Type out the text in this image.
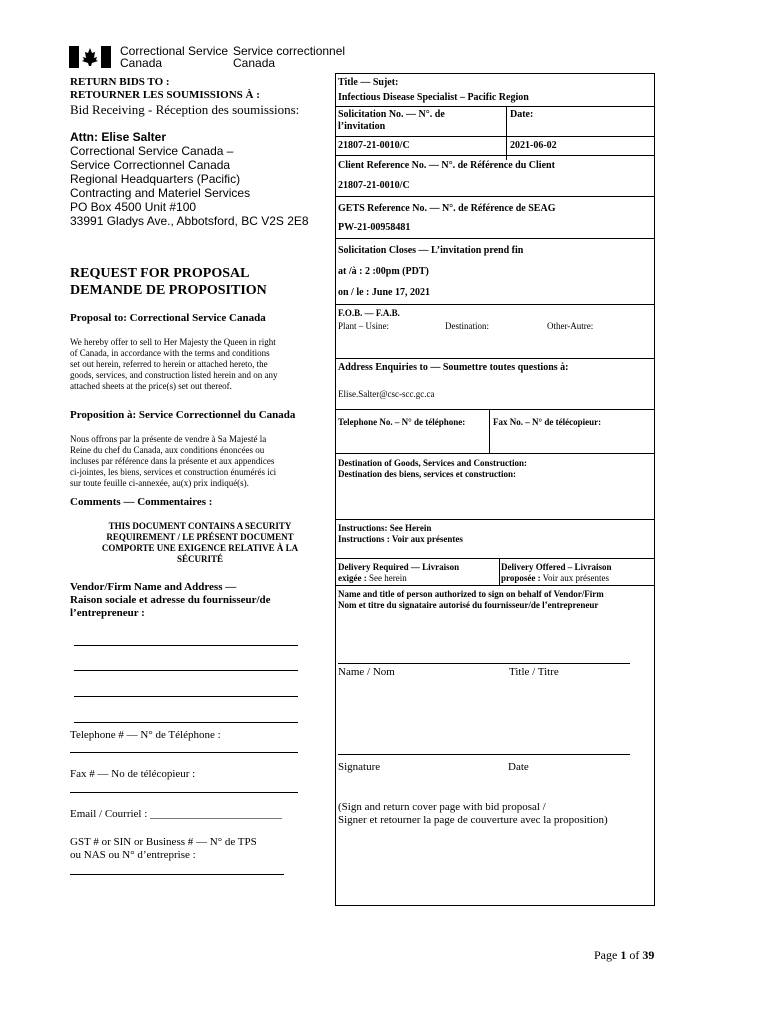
Correctional Service
Canada
Service correctionnel
Canada
RETURN BIDS TO :
RETOURNER LES SOUMISSIONS À :
Bid Receiving - Réception des soumissions:
Attn: Elise Salter
Correctional Service Canada –
Service Correctionnel Canada
Regional Headquarters (Pacific)
Contracting and Materiel Services
PO Box 4500 Unit #100
33991 Gladys Ave., Abbotsford, BC V2S 2E8
REQUEST FOR PROPOSAL
DEMANDE DE PROPOSITION
Proposal to: Correctional Service Canada
We hereby offer to sell to Her Majesty the Queen in right
of Canada, in accordance with the terms and conditions
set out herein, referred to herein or attached hereto, the
goods, services, and construction listed herein and on any
attached sheets at the price(s) set out thereof.
Proposition à: Service Correctionnel du Canada
Nous offrons par la présente de vendre à Sa Majesté la
Reine du chef du Canada, aux conditions énoncées ou
incluses par référence dans la présente et aux appendices
ci-jointes, les biens, services et construction énumérés ici
sur toute feuille ci-annexée, au(x) prix indiqué(s).
Comments — Commentaires :
THIS DOCUMENT CONTAINS A SECURITY
REQUIREMENT / LE PRÉSENT DOCUMENT
COMPORTE UNE EXIGENCE RELATIVE À LA
SÉCURITÉ
Vendor/Firm Name and Address —
Raison sociale et adresse du fournisseur/de
l’entrepreneur :
Telephone # — N° de Téléphone :
Fax # — No de télécopieur :
Email / Courriel : ________________________
GST # or SIN or Business # — N° de TPS
ou NAS ou N° d’entreprise :
Title — Sujet:
Infectious Disease Specialist – Pacific Region
Solicitation No. — N°. de
l’invitation
Date:
21807-21-0010/C	2021-06-02
Client Reference No. — N°. de Référence du Client
21807-21-0010/C
GETS Reference No. — N°. de Référence de SEAG
PW-21-00958481
Solicitation Closes — L’invitation prend fin
at /à : 2 :00pm (PDT)
on / le : June 17, 2021
F.O.B. — F.A.B.
Plant – Usine:	Destination:	Other-Autre:
Address Enquiries to — Soumettre toutes questions à:
Elise.Salter@csc-scc.gc.ca
Telephone No. – N° de téléphone:	Fax No. – N° de télécopieur:
Destination of Goods, Services and Construction:
Destination des biens, services et construction:
Instructions: See Herein
Instructions : Voir aux présentes
Delivery Required — Livraison
exigée : See herein
Delivery Offered – Livraison
proposée : Voir aux présentes
Name and title of person authorized to sign on behalf of Vendor/Firm
Nom et titre du signataire autorisé du fournisseur/de l’entrepreneur
Name / Nom	Title / Titre
Signature	Date
(Sign and return cover page with bid proposal /
Signer et retourner la page de couverture avec la proposition)
Page 1 of 39
